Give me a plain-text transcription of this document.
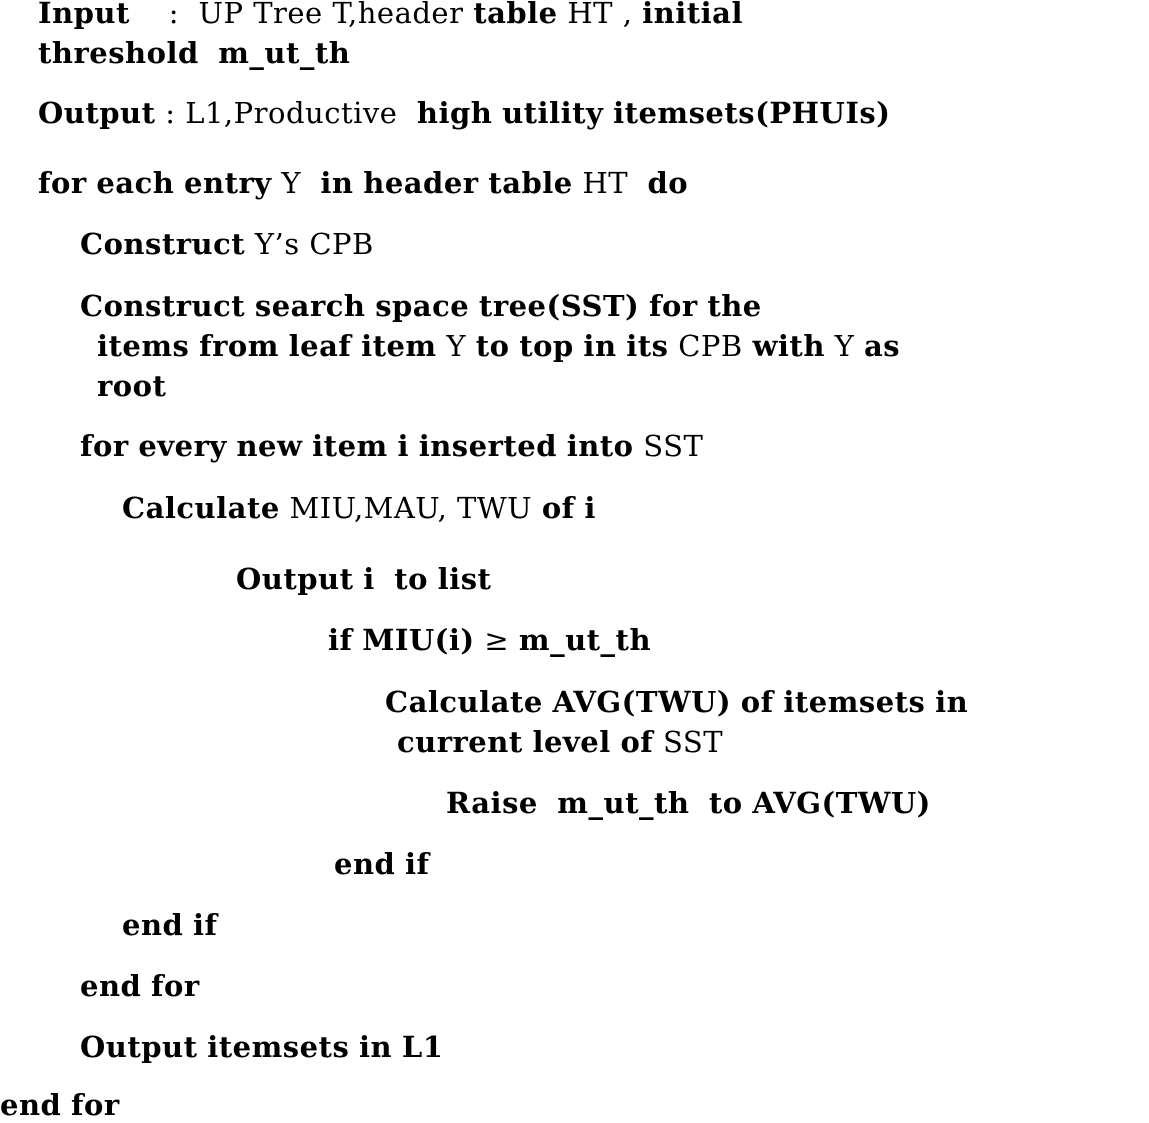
Input : UP Tree T,header table HT , initial
threshold m_ut_th
Output : L1,Productive high utility itemsets(PHUIs)
for each entry Y in header table HT do
Construct Y’s CPB
Construct search space tree(SST) for the
items from leaf item Y to top in its CPB with Y as
root
for every new item i inserted into SST
Calculate MIU,MAU, TWU of i
Output i to list
if MIU(i) ≥ m_ut_th
Calculate AVG(TWU) of itemsets in
current level of SST
Raise m_ut_th to AVG(TWU)
end if
end if
end for
Output itemsets in L1
end for
